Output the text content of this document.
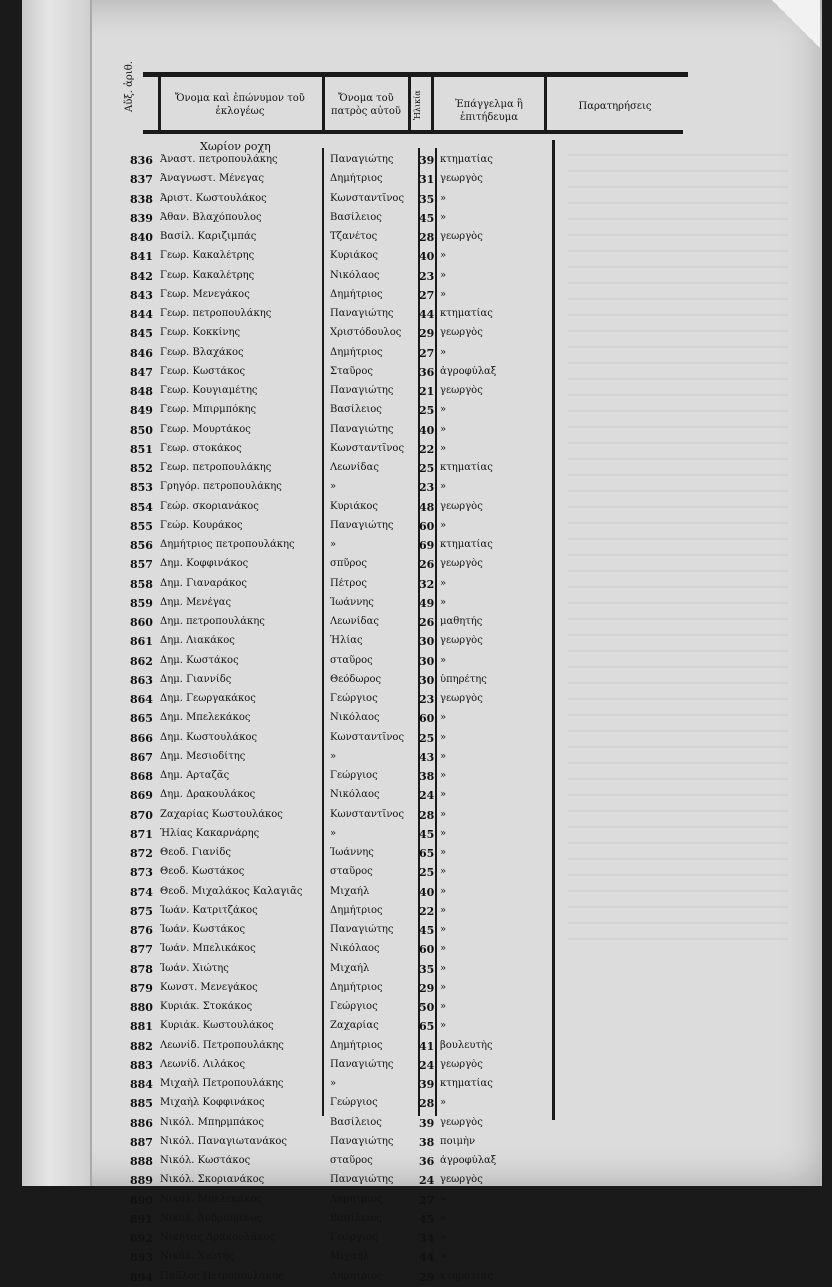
Αὔξ. ἀριθ.	Ὄνομα καὶ ἐπώνυμον τοῦ ἐκλογέως
Ὄνομα τοῦ πατρὸς αὐτοῦ	Ἡλικία	Ἐπάγγελμα ἢ ἐπιτήδευμα
Παρατηρήσεις
Χωρίον ροχη
836 Ἀναστ. πετροπουλάκης	Παναγιώτης	39 κτηματίας
837 Ἀναγνωστ. Μένεγας	Δημήτριος	31 γεωργὸς
838 Ἀριστ. Κωστουλάκος	Κωνσταντῖνος	35 »
839 Ἀθαν. Βλαχόπουλος	Βασίλειος	45 »
840 Βασίλ. Καριζιμπάς	Τζανέτος	28 γεωργὸς
841 Γεωρ. Κακαλέτρης	Κυριάκος	40 »
842 Γεωρ. Κακαλέτρης	Νικόλαος	23 »
843 Γεωρ. Μενεγάκος	Δημήτριος	27 »
844 Γεωρ. πετροπουλάκης	Παναγιώτης	44 κτηματίας
845 Γεωρ. Κοκκίνης	Χριστόδουλος	29 γεωργὸς
846 Γεωρ. Βλαχάκος	Δημήτριος	27 »
847 Γεωρ. Κωστάκος	Σταῦρος	36 ἀγροφύλαξ
848 Γεωρ. Κουγιαμέτης	Παναγιώτης	21 γεωργὸς
849 Γεωρ. Μπιρμπόκης	Βασίλειος	25 »
850 Γεωρ. Μουρτάκος	Παναγιώτης	40 »
851 Γεωρ. στοκάκος	Κωνσταντῖνος	22 »
852 Γεωρ. πετροπουλάκης	Λεωνίδας	25 κτηματίας
853 Γρηγόρ. πετροπουλάκης	»	23 »
854 Γεώρ. σκοριανάκος	Κυριάκος	48 γεωργὸς
855 Γεώρ. Κουράκος	Παναγιώτης	60 »
856 Δημήτριος πετροπουλάκης	»	69 κτηματίας
857 Δημ. Κοφφινάκος	σπῦρος	26 γεωργὸς
858 Δημ. Γιαναράκος	Πέτρος	32 »
859 Δημ. Μενέγας	Ἰωάννης	49 »
860 Δημ. πετροπουλάκης	Λεωνίδας	26 μαθητής
861 Δημ. Λιακάκος	Ἠλίας	30 γεωργὸς
862 Δημ. Κωστάκος	σταῦρος	30 »
863 Δημ. Γιαννίδς	Θεόδωρος	30 ὑπηρέτης
864 Δημ. Γεωργακάκος	Γεώργιος	23 γεωργὸς
865 Δημ. Μπελεκάκος	Νικόλαος	60 »
866 Δημ. Κωστουλάκος	Κωνσταντῖνος	25 »
867 Δημ. Μεσιοδίτης	»	43 »
868 Δημ. Αρταζᾶς	Γεώργιος	38 »
869 Δημ. Δρακουλάκος	Νικόλαος	24 »
870 Ζαχαρίας Κωστουλάκος	Κωνσταντῖνος	28 »
871 Ἠλίας Κακαρνάρης	»	45 »
872 Θεοδ. Γιανίδς	Ἰωάννης	65 »
873 Θεοδ. Κωστάκος	σταῦρος	25 »
874 Θεοδ. Μιχαλάκος Καλαγιᾶς	Μιχαήλ	40 »
875 Ἰωάν. Κατριτζάκος	Δημήτριος	22 »
876 Ἰωάν. Κωστάκος	Παναγιώτης	45 »
877 Ἰωάν. Μπελικάκος	Νικόλαος	60 »
878 Ἰωάν. Χιώτης	Μιχαήλ	35 »
879 Κωνστ. Μενεγάκος	Δημήτριος	29 »
880 Κυριάκ. Στοκάκος	Γεώργιος	50 »
881 Κυριάκ. Κωστουλάκος	Ζαχαρίας	65 »
882 Λεωνίδ. Πετροπουλάκης	Δημήτριος	41 βουλευτὴς
883 Λεωνίδ. Λιλάκος	Παναγιώτης	24 γεωργὸς
884 Μιχαὴλ Πετροπουλάκης	»	39 κτηματίας
885 Μιχαὴλ Κοφφινάκος	Γεώργιος	28 »
886 Νικόλ. Μπηρμπάκος	Βασίλειος	39 γεωργὸς
887 Νικόλ. Παναγιωτανάκος	Παναγιώτης	38 ποιμὴν
888 Νικόλ. Κωστάκος	σταῦρος	36 ἀγροφύλαξ
889 Νικόλ. Σκοριανάκος	Παναγιώτης	24 γεωργὸς
890 Νικόλ. Μπελεκάκος	Δημήτριος	27 »
891 Νικόλ. Ἀνδριομένος	Βασίλειος	45 »
892 Νικήτας Δρακουλάκος	Γεώργιος	34 »
893 Νικόλ. Χιώτης	Μιχαὴλ	44 »
894 Παῦλος Πετροπουλάκης	Δημήτριος	29 κτηματίας
